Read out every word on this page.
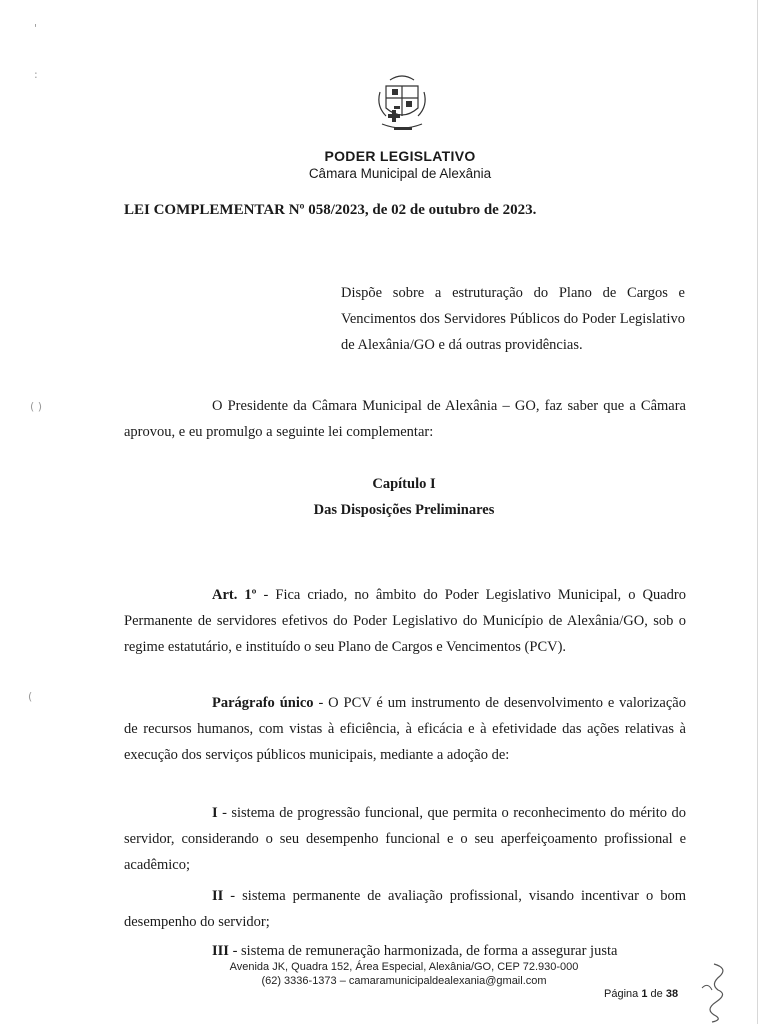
'
:
( )
(
PODER LEGISLATIVO
Câmara Municipal de Alexânia
LEI COMPLEMENTAR Nº 058/2023, de 02 de outubro de 2023.
Dispõe sobre a estruturação do Plano de Cargos e Vencimentos dos Servidores Públicos do Poder Legislativo de Alexânia/GO e dá outras providências.
O Presidente da Câmara Municipal de Alexânia – GO, faz saber que a Câmara aprovou, e eu promulgo a seguinte lei complementar:
Capítulo I
Das Disposições Preliminares
Art. 1º - Fica criado, no âmbito do Poder Legislativo Municipal, o Quadro Permanente de servidores efetivos do Poder Legislativo do Município de Alexânia/GO, sob o regime estatutário, e instituído o seu Plano de Cargos e Vencimentos (PCV).
Parágrafo único - O PCV é um instrumento de desenvolvimento e valorização de recursos humanos, com vistas à eficiência, à eficácia e à efetividade das ações relativas à execução dos serviços públicos municipais, mediante a adoção de:
I - sistema de progressão funcional, que permita o reconhecimento do mérito do servidor, considerando o seu desempenho funcional e o seu aperfeiçoamento profissional e acadêmico;
II - sistema permanente de avaliação profissional, visando incentivar o bom desempenho do servidor;
III - sistema de remuneração harmonizada, de forma a assegurar justa
Avenida JK, Quadra 152, Área Especial, Alexânia/GO, CEP 72.930-000
(62) 3336-1373 – camaramunicipaldealexania@gmail.com
Página 1 de 38
